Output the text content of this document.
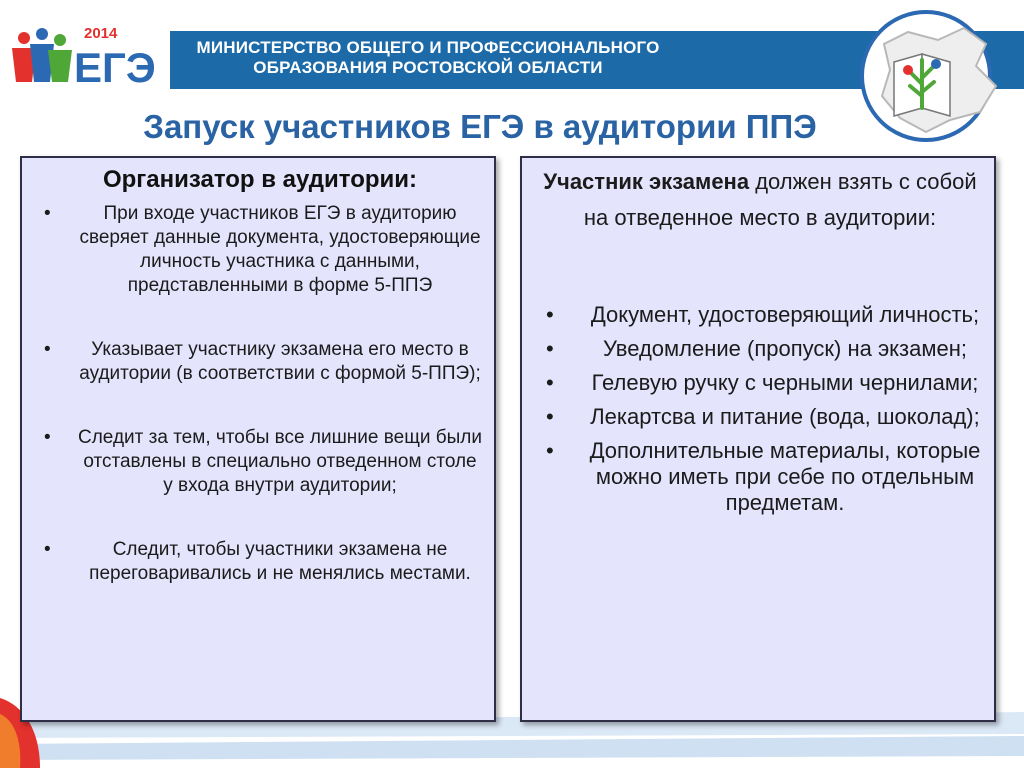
МИНИСТЕРСТВО ОБЩЕГО И ПРОФЕССИОНАЛЬНОГО
ОБРАЗОВАНИЯ РОСТОВСКОЙ ОБЛАСТИ
2014
ЕГЭ
Запуск участников ЕГЭ в аудитории ППЭ
Организатор в аудитории:
•	При входе участников ЕГЭ в аудиторию сверяет данные документа, удостоверяющие личность участника с данными, представленными в форме 5-ППЭ
• Указывает участнику экзамена его место в аудитории (в соответствии с формой 5-ППЭ);
• Следит за тем, чтобы все лишние вещи были отставлены в специально отведенном столе у входа внутри аудитории;
•	Следит, чтобы участники экзамена не переговаривались и не менялись местами.
Участник экзамена должен взять с собой на отведенное место в аудитории:
• Документ, удостоверяющий личность;
• Уведомление (пропуск) на экзамен;
• Гелевую ручку с черными чернилами;
• Лекартсва и питание (вода, шоколад);
• Дополнительные материалы, которые можно иметь при себе по отдельным предметам.
